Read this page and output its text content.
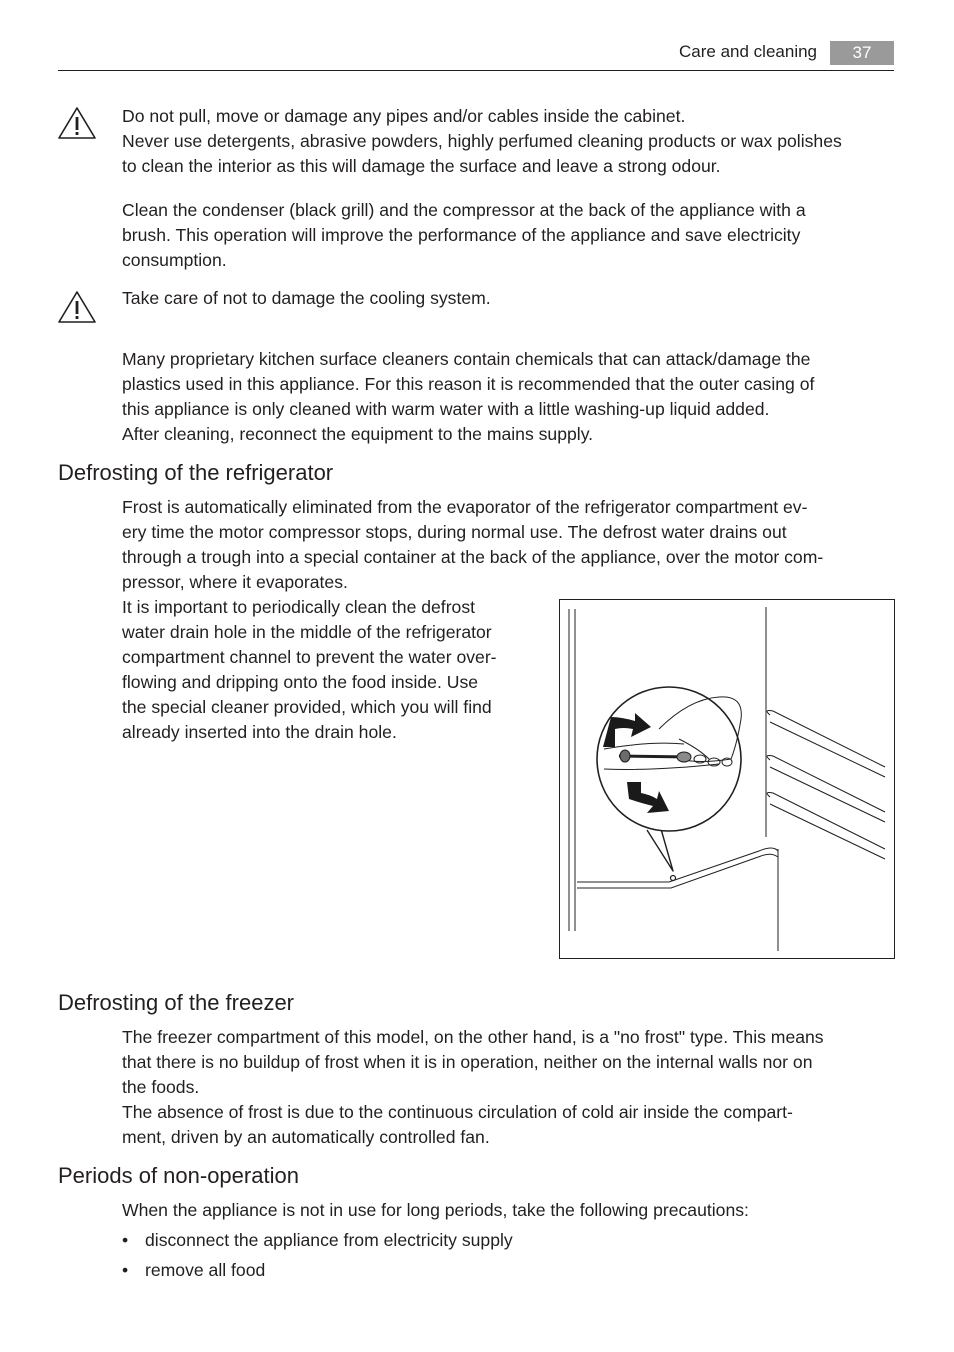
Care and cleaning	37

Do not pull, move or damage any pipes and/or cables inside the cabinet.
Never use detergents, abrasive powders, highly perfumed cleaning products or wax polishes
to clean the interior as this will damage the surface and leave a strong odour.

Clean the condenser (black grill) and the compressor at the back of the appliance with a
brush. This operation will improve the performance of the appliance and save electricity
consumption.

Take care of not to damage the cooling system.

Many proprietary kitchen surface cleaners contain chemicals that can attack/damage the
plastics used in this appliance. For this reason it is recommended that the outer casing of
this appliance is only cleaned with warm water with a little washing-up liquid added.
After cleaning, reconnect the equipment to the mains supply.

Defrosting of the refrigerator

Frost is automatically eliminated from the evaporator of the refrigerator compartment ev-
ery time the motor compressor stops, during normal use. The defrost water drains out
through a trough into a special container at the back of the appliance, over the motor com-
pressor, where it evaporates.

It is important to periodically clean the defrost
water drain hole in the middle of the refrigerator
compartment channel to prevent the water over-
flowing and dripping onto the food inside. Use
the special cleaner provided, which you will find
already inserted into the drain hole.

Defrosting of the freezer

The freezer compartment of this model, on the other hand, is a "no frost" type. This means
that there is no buildup of frost when it is in operation, neither on the internal walls nor on
the foods.
The absence of frost is due to the continuous circulation of cold air inside the compart-
ment, driven by an automatically controlled fan.

Periods of non-operation

When the appliance is not in use for long periods, take the following precautions:

• disconnect the appliance from electricity supply
• remove all food
